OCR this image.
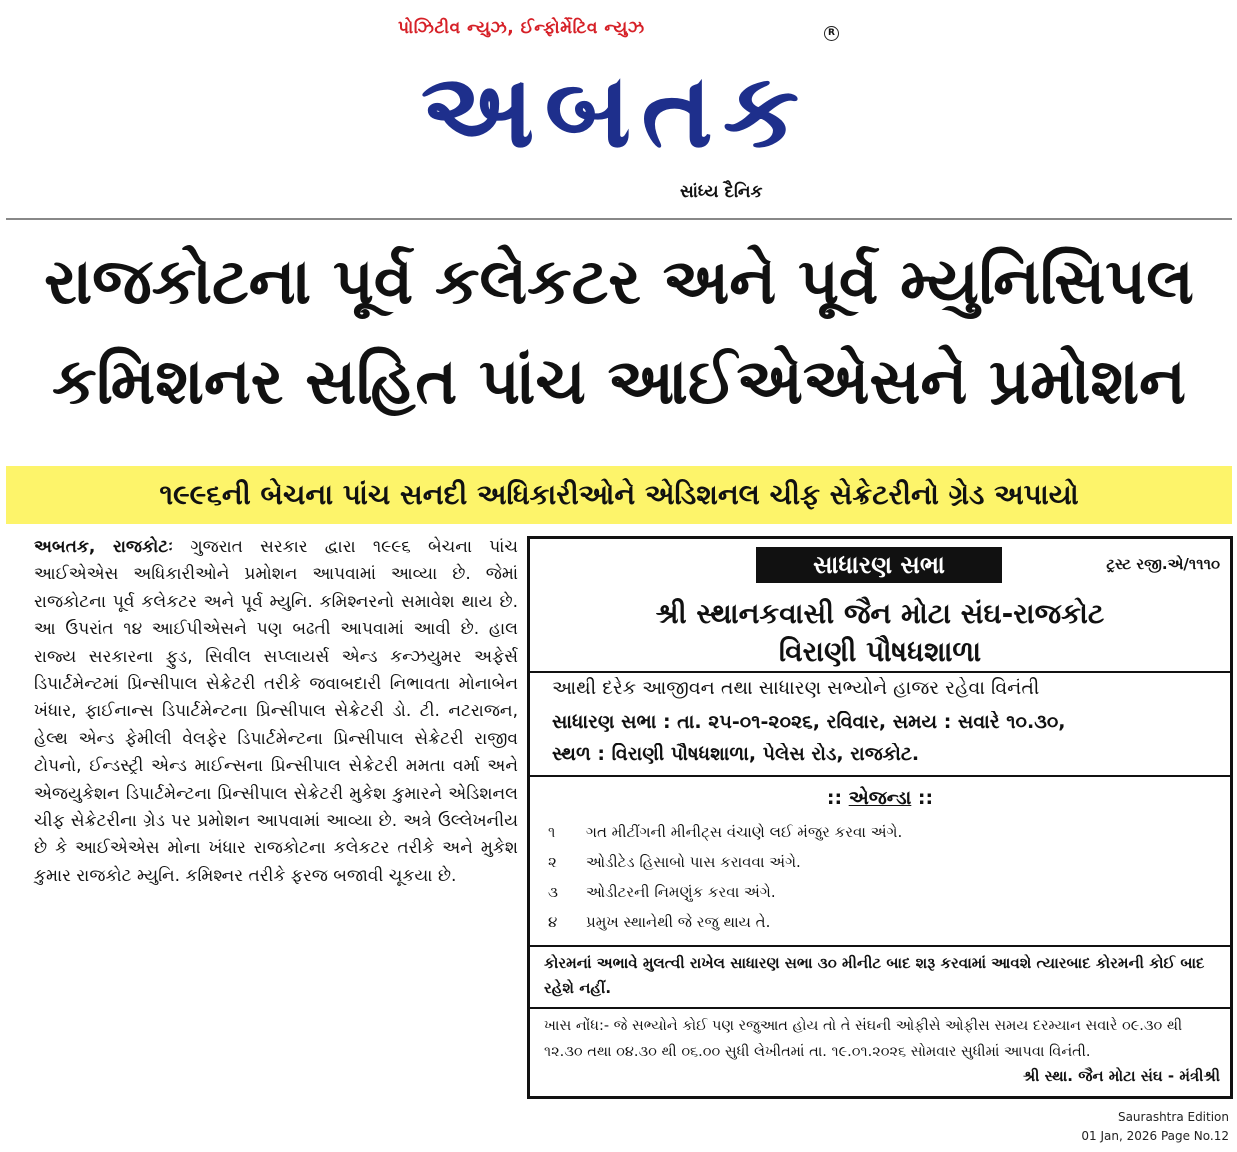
પોઝિટીવ ન્યુઝ, ઈન્ફોર્મેટિવ ન્યુઝ	R
અબતક
સાંધ્ય દૈનિક
રાજકોટના પૂર્વ કલેકટર અને પૂર્વ મ્યુનિસિપલ
કમિશનર સહિત પાંચ આઈએએસને પ્રમોશન
૧૯૯૬ની બેચના પાંચ સનદી અધિકારીઓને એડિશનલ ચીફ સેક્રેટરીનો ગ્રેડ અપાયો
અબતક, રાજકોટઃ ગુજરાત સરકાર દ્વારા ૧૯૯૬ બેચના પાંચ આઈએએસ અધિકારીઓને પ્રમોશન આપવામાં આવ્યા છે. જેમાં રાજકોટના પૂર્વ કલેકટર અને પૂર્વ મ્યુનિ. કમિશ્નરનો સમાવેશ થાય છે. આ ઉપરાંત ૧૪ આઈપીએસને પણ બઢતી આપવામાં આવી છે. હાલ રાજ્ય સરકારના ફુડ, સિવીલ સપ્લાયર્સ એન્ડ કન્ઝયુમર અફેર્સ ડિપાર્ટમેન્ટમાં પ્રિન્સીપાલ સેક્રેટરી તરીકે જવાબદારી નિભાવતા મોનાબેન ખંધાર, ફાઈનાન્સ ડિપાર્ટમેન્ટના પ્રિન્સીપાલ સેક્રેટરી ડો. ટી. નટરાજન, હેલ્થ એન્ડ ફેમીલી વેલફેર ડિપાર્ટમેન્ટના પ્રિન્સીપાલ સેક્રેટરી રાજીવ ટોપનો, ઈન્ડસ્ટ્રી એન્ડ માઈન્સના પ્રિન્સીપાલ સેક્રેટરી મમતા વર્મા અને એજયુકેશન ડિપાર્ટમેન્ટના પ્રિન્સીપાલ સેક્રેટરી મુકેશ કુમારને એડિશનલ ચીફ સેક્રેટરીના ગ્રેડ પર પ્રમોશન આપવામાં આવ્યા છે. અત્રે ઉલ્લેખનીય છે કે આઈએએસ મોના ખંધાર રાજકોટના કલેકટર તરીકે અને મુકેશ કુમાર રાજકોટ મ્યુનિ. કમિશ્નર તરીકે ફરજ બજાવી ચૂકયા છે.
સાધારણ સભા	ટ્રસ્ટ રજી.એ/૧૧૧૦
શ્રી સ્થાનકવાસી જૈન મોટા સંઘ-રાજકોટ
વિરાણી પૌષધશાળા
આથી દરેક આજીવન તથા સાધારણ સભ્યોને હાજર રહેવા વિનંતી
સાધારણ સભા : તા. ૨૫-૦૧-૨૦૨૬, રવિવાર, સમય : સવારે ૧૦.૩૦,
સ્થળ : વિરાણી પૌષધશાળા, પેલેસ રોડ, રાજકોટ.
:: એજન્ડા ::
૧ ગત મીટીંગની મીનીટ્સ વંચાણે લઈ મંજુર કરવા અંગે.
૨ ઓડીટેડ હિસાબો પાસ કરાવવા અંગે.
૩ ઓડીટરની નિમણુંક કરવા અંગે.
૪ પ્રમુખ સ્થાનેથી જે રજુ થાય તે.
કોરમનાં અભાવે મુલત્વી રાખેલ સાધારણ સભા ૩૦ મીનીટ બાદ શરૂ કરવામાં આવશે ત્યારબાદ કોરમની કોઈ બાદ રહેશે નહીં.
ખાસ નોંધ:- જે સભ્યોને કોઈ પણ રજુઆત હોય તો તે સંઘની ઓફીસે ઓફીસ સમય દરમ્યાન સવારે ૦૯.૩૦ થી ૧૨.૩૦ તથા ૦૪.૩૦ થી ૦૬.૦૦ સુધી લેખીતમાં તા. ૧૯.૦૧.૨૦૨૬ સોમવાર સુધીમાં આપવા વિનંતી.
શ્રી સ્થા. જૈન મોટા સંઘ - મંત્રીશ્રી
Saurashtra Edition
01 Jan, 2026 Page No.12
